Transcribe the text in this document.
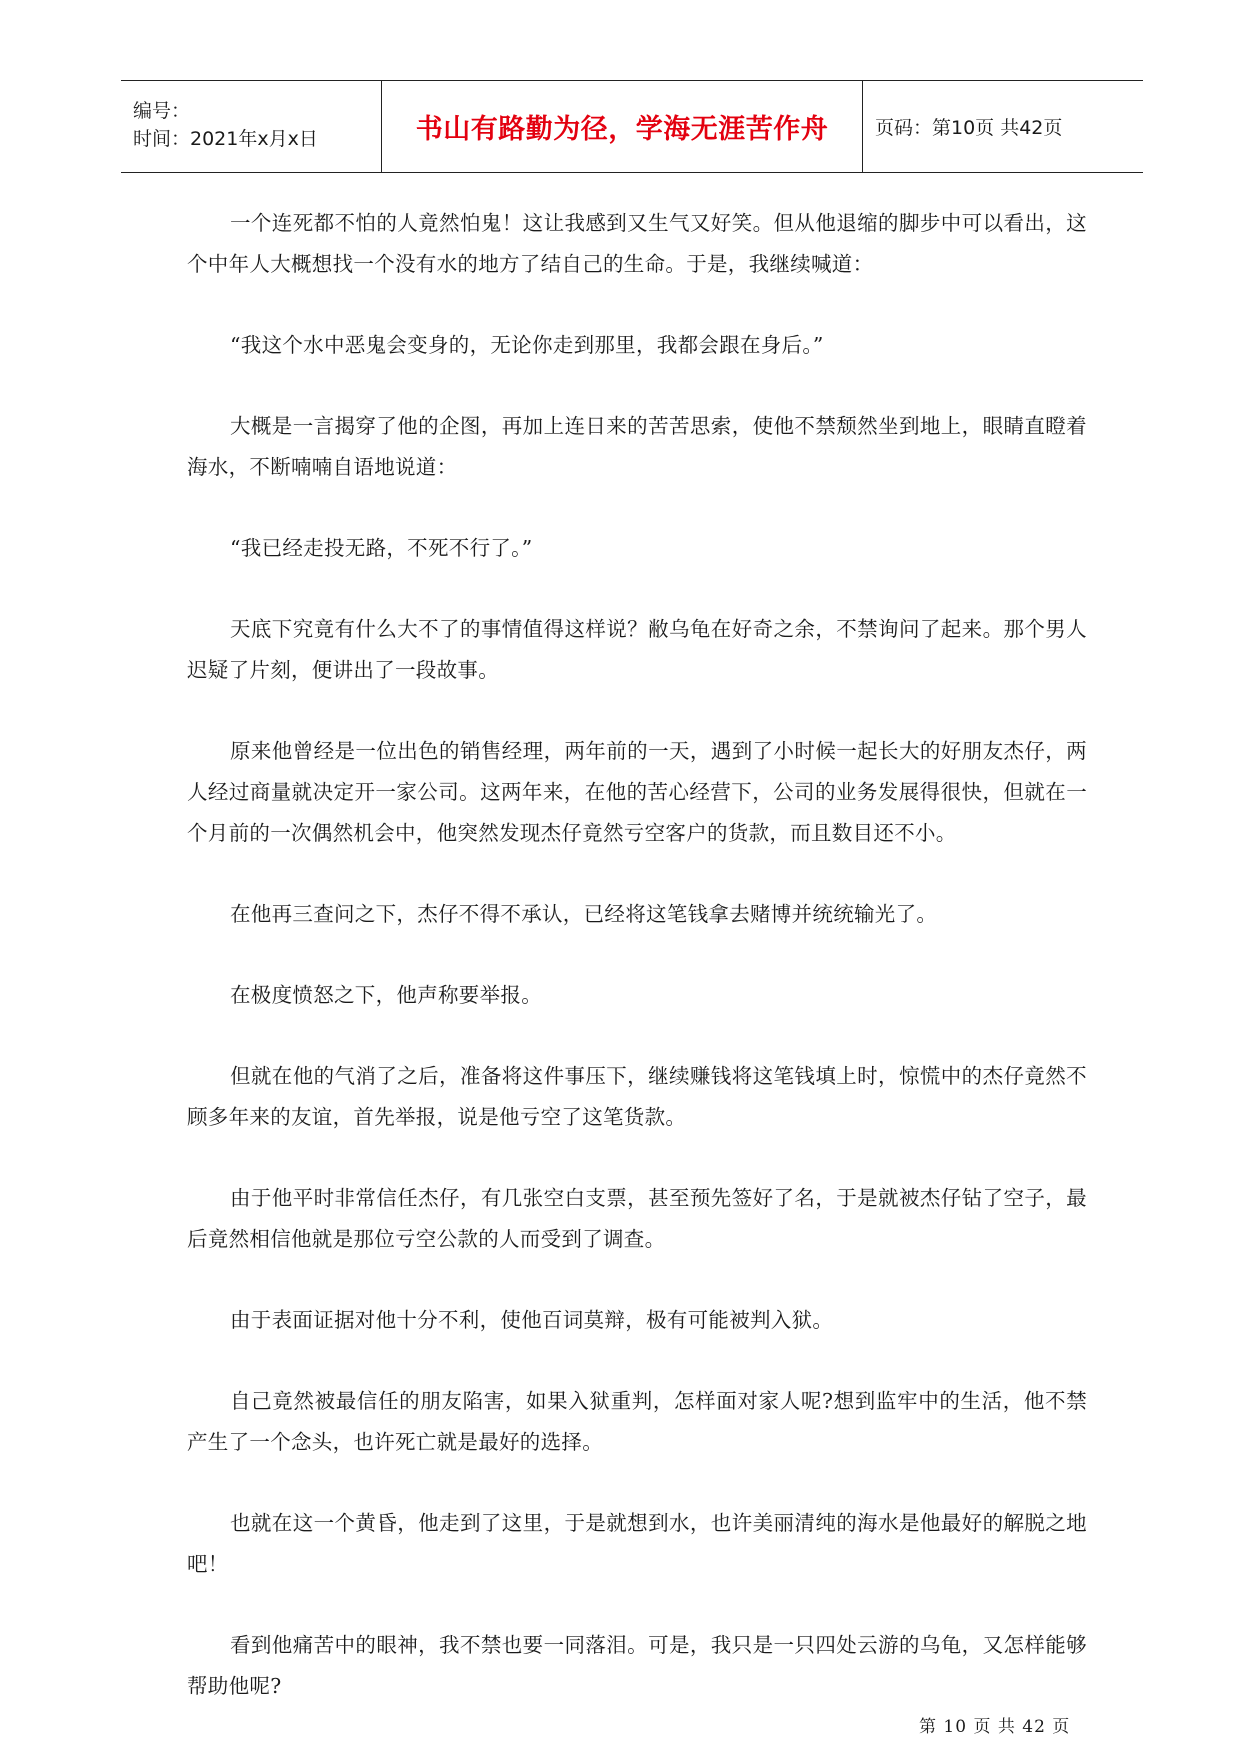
编号：
时间：2021年x月x日	书山有路勤为径，学海无涯苦作舟 页码：第10页 共42页

一个连死都不怕的人竟然怕鬼！这让我感到又生气又好笑。但从他退缩的脚步中可以看出，这个中年人大概想找一个没有水的地方了结自己的生命。于是，我继续喊道：

“我这个水中恶鬼会变身的，无论你走到那里，我都会跟在身后。”

大概是一言揭穿了他的企图，再加上连日来的苦苦思索，使他不禁颓然坐到地上，眼睛直瞪着海水，不断喃喃自语地说道：

“我已经走投无路，不死不行了。”

天底下究竟有什么大不了的事情值得这样说？敝乌龟在好奇之余，不禁询问了起来。那个男人迟疑了片刻，便讲出了一段故事。

原来他曾经是一位出色的销售经理，两年前的一天，遇到了小时候一起长大的好朋友杰仔，两人经过商量就决定开一家公司。这两年来，在他的苦心经营下，公司的业务发展得很快，但就在一个月前的一次偶然机会中，他突然发现杰仔竟然亏空客户的货款，而且数目还不小。

在他再三查问之下，杰仔不得不承认，已经将这笔钱拿去赌博并统统输光了。

在极度愤怒之下，他声称要举报。

但就在他的气消了之后，准备将这件事压下，继续赚钱将这笔钱填上时，惊慌中的杰仔竟然不顾多年来的友谊，首先举报，说是他亏空了这笔货款。

由于他平时非常信任杰仔，有几张空白支票，甚至预先签好了名，于是就被杰仔钻了空子，最后竟然相信他就是那位亏空公款的人而受到了调查。

由于表面证据对他十分不利，使他百词莫辩，极有可能被判入狱。

自己竟然被最信任的朋友陷害，如果入狱重判，怎样面对家人呢?想到监牢中的生活，他不禁产生了一个念头，也许死亡就是最好的选择。

也就在这一个黄昏，他走到了这里，于是就想到水，也许美丽清纯的海水是他最好的解脱之地吧！

看到他痛苦中的眼神，我不禁也要一同落泪。可是，我只是一只四处云游的乌龟，又怎样能够帮助他呢?

第 10 页 共 42 页
